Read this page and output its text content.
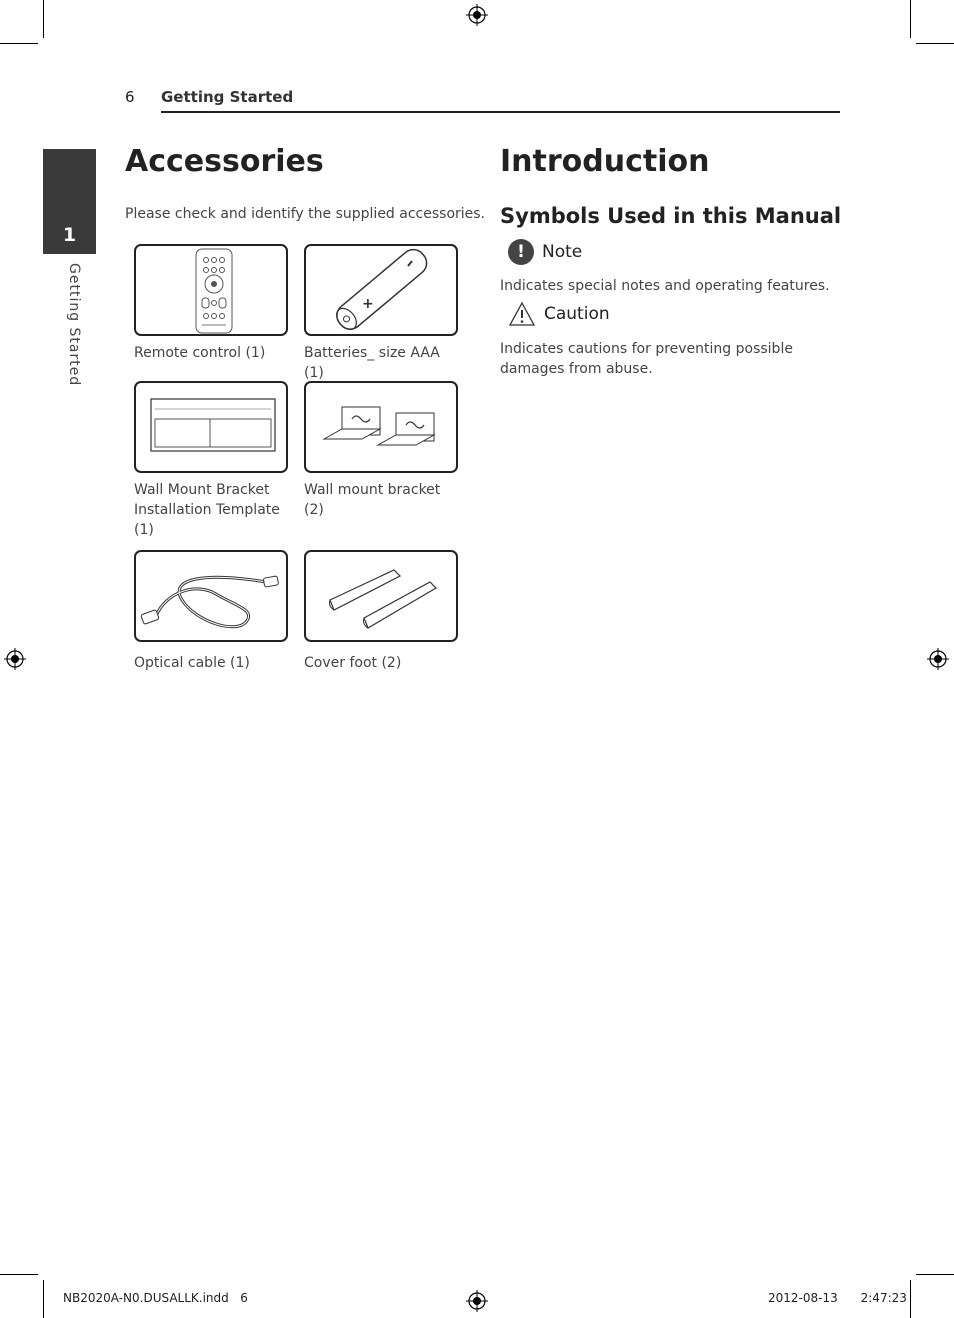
6 Getting Started
1
Getting Started
Accessories
Please check and identify the supplied accessories.
Remote control (1)
+
Batteries_ size AAA (1)
Wall Mount Bracket Installation Template (1)
Wall mount bracket (2)
Optical cable (1)	Cover foot (2)
Introduction
Symbols Used in this Manual
!	Note
Indicates special notes and operating features.
Caution
Indicates cautions for preventing possible damages from abuse.
NB2020A-N0.DUSALLK.indd   6	2012-08-13      2:47:23
